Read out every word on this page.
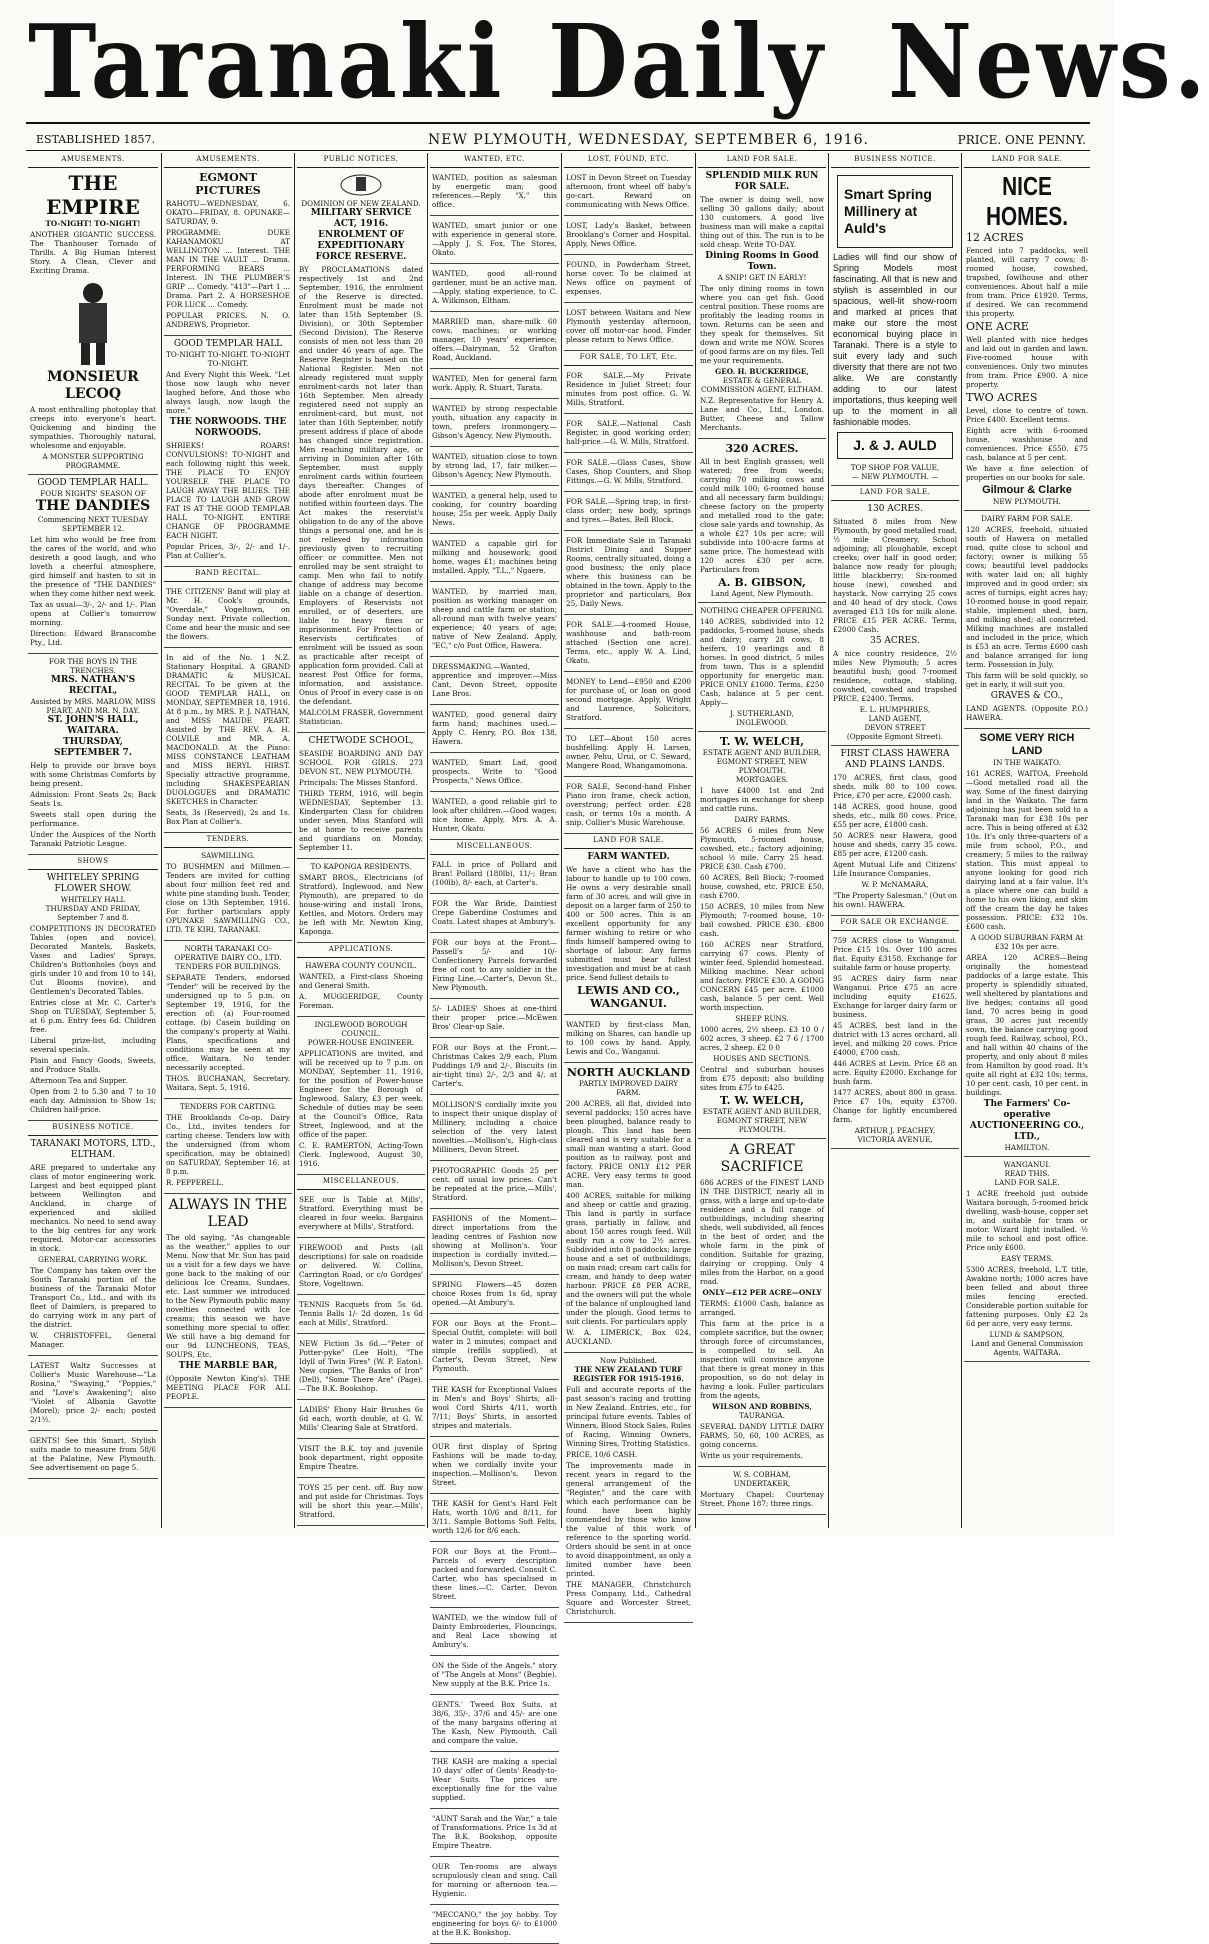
Taranaki Daily News.
ESTABLISHED 1857.	NEW PLYMOUTH, WEDNESDAY, SEPTEMBER 6, 1916.	PRICE. ONE PENNY.
AMUSEMENTS.
THE EMPIRE
TO-NIGHT! TO-NIGHT!

ANOTHER GIGANTIC SUCCESS. The Thanhouser Tornado of Thrills. A Big Human Interest Story. A Clean, Clever and Exciting Drama.

MONSIEUR LECOQ

A most enthralling photoplay that creeps into everyone's heart. Quickening and binding the sympathies. Thoroughly natural, wholesome and enjoyable.

A MONSTER SUPPORTING PROGRAMME.
GOOD TEMPLAR HALL.
FOUR NIGHTS' SEASON OF
THE DANDIES
Commencing NEXT TUESDAY SEPTEMBER 12.

Let him who would be free from the cares of the world, and who desireth a good laugh, and who loveth a cheerful atmosphere, gird himself and hasten to sit in the presence of "THE DANDIES" when they come hither next week.

Tax as usual—3/-, 2/- and 1/-. Plan opens at Collier's tomorrow morning.

Direction: Edward Branscombe Pty., Ltd.

FOR THE BOYS IN THE TRENCHES.
MRS. NATHAN'S RECITAL,
Assisted by MRS. MARLOW, MISS PEART, AND MR. N. DAY.
ST. JOHN'S HALL, WAITARA.
THURSDAY, SEPTEMBER 7.

Help to provide our brave boys with some Christmas Comforts by being present.

Admission: Front Seats 2s; Back Seats 1s.

Sweets stall open during the performance.

Under the Auspices of the North Taranaki Patriotic League.

SHOWS
WHITELEY SPRING FLOWER SHOW.
WHITELEY HALL
THURSDAY AND FRIDAY, September 7 and 8.

COMPETITIONS IN DECORATED Tables (open and novice), Decorated Mantels, Baskets, Vases and Ladies' Sprays, Children's Buttonholes (boys and girls under 10 and from 10 to 14), Cut Blooms (novice), and Gentlemen's Decorated Tables.

Entries close at Mr. C. Carter's Shop on TUESDAY, September 5, at 6 p.m. Entry fees 6d. Children free.

Liberal prize-list, including several specials.

Plain and Fancy Goods, Sweets, and Produce Stalls.

Afternoon Tea and Supper.

Open from 2 to 5.30 and 7 to 10 each day. Admission to Show 1s; Children half-price.

BUSINESS NOTICE.
TARANAKI MOTORS, LTD., ELTHAM.

ARE prepared to undertake any class of motor engineering work. Largest and best equipped plant between Wellington and Auckland, in charge of experienced and skilled mechanics. No need to send away to the big centres for any work required. Motor-car accessories in stock.

GENERAL CARRYING WORK.

The Company has taken over the South Taranaki portion of the business of the Taranaki Motor Transport Co., Ltd., and with its fleet of Daimlers, is prepared to do carrying work in any part of the district.

W. CHRISTOFFEL, General Manager.

LATEST Waltz Successes at Collier's Music Warehouse—"La Rosina," "Swaying," "Poppies," and "Love's Awakening"; also "Violet of Albania Gavotte (Morel); price 2/- each; posted 2/1½.

GENTS! See this Smart, Stylish suits made to measure from 58/6 at the Palatine, New Plymouth. See advertisement on page 5.

AMUSEMENTS.
EGMONT PICTURES

RAHOTU—WEDNESDAY, 6. OKATO—FRIDAY, 8. OPUNAKE—SATURDAY, 9.

PROGRAMME: DUKE KAHANAMOKU AT WELLINGTON ... Interest. THE MAN IN THE VAULT ... Drama. PERFORMING BEARS ... Interest. IN THE PLUMBER'S GRIP ... Comedy. "413"—Part 1 ... Drama. Part 2. A HORSESHOE FOR LUCK ... Comedy.

POPULAR PRICES. N. O. ANDREWS, Proprietor.

GOOD TEMPLAR HALL
TO-NIGHT TO-NIGHT. TO-NIGHT TO-NIGHT.

And Every Night this Week. "Let those now laugh who never laughed before, And those who always laugh, now laugh the more."

THE NORWOODS. THE NORWOODS.

SHRIEKS! ROARS! CONVULSIONS! TO-NIGHT and each following night this week. THE PLACE TO ENJOY YOURSELF. THE PLACE TO LAUGH AWAY THE BLUES. THE PLACE TO LAUGH AND GROW FAT IS AT THE GOOD TEMPLAR HALL TO-NIGHT. ENTIRE CHANGE OF PROGRAMME EACH NIGHT.

Popular Prices, 3/-, 2/- and 1/-. Plan at Collier's.

BAND RECITAL.

THE CITIZENS' Band will play at Mr. H. Cook's grounds, "Overdale," Vogeltown, on Sunday next. Private collection. Come and hear the music and see the flowers.

In aid of the No. 1 N.Z. Stationary Hospital. A GRAND DRAMATIC & MUSICAL RECITAL To be given at the GOOD TEMPLAR HALL, on MONDAY, SEPTEMBER 18, 1916. At 8 p.m., by MRS. P. J. NATHAN, and MISS MAUDE PEART. Assisted by THE REV. A. H. COLVILE and MR. A. MACDONALD. At the Piano: MISS CONSTANCE LEATHAM and MISS BERYL HIRST. Specially attractive programme, including SHAKESPEARIAN DUOLOGUES and DRAMATIC SKETCHES in Character.

Seats, 3s (Reserved), 2s and 1s. Box Plan at Collier's.

TENDERS.
SAWMILLING.

TO BUSHMEN and Millmen.—Tenders are invited for cutting about four million feet red and white pine standing bush. Tender, close on 13th September, 1916. For further particulars apply OPUNAKE SAWMILLING CO., LTD. TE KIRI, TARANAKI.

NORTH TARANAKI CO-OPERATIVE DAIRY CO., LTD.
TENDERS FOR BUILDINGS.

SEPARATE Tenders, endorsed "Tender" will be received by the undersigned up to 5 p.m. on September 19, 1916, for the erection of: (a) Four-roomed cottage. (b) Casein building on the company's property at Waihi. Plans, specifications and conditions may be seen at my office, Waitara. No tender necessarily accepted.

THOS. BUCHANAN, Secretary. Waitara, Sept. 5, 1916.

TENDERS FOR CARTING.

THE Brooklands Co-op. Dairy Co., Ltd., invites tenders for carting cheese. Tenders low with the undersigned (from whom specification, may be obtained) on SATURDAY, September 16, at 8 p.m.

R. PEPPERELL.

ALWAYS IN THE LEAD

The old saying, "As changeable as the weather," applies to our Menu. Now that Mr. Sun has paid us a visit for a few days we have gone back to the making of our delicious Ice Creams, Sundaes, etc. Last summer we introduced to the New Plymouth public many novelties connected with Ice creams; this season we have something more special to offer. We still have a big demand for our 9d LUNCHEONS, TEAS, SOUPS, Etc.

THE MARBLE BAR,

(Opposite Newton King's). THE MEETING PLACE FOR ALL PEOPLE.

PUBLIC NOTICES.
DOMINION OF NEW ZEALAND.
MILITARY SERVICE ACT, 1916.
ENROLMENT OF EXPEDITIONARY FORCE RESERVE.

BY PROCLAMATIONS dated respectively 1st and 2nd September, 1916, the enrolment of the Reserve is directed. Enrolment must be made not later than 15th September (S. Division), or 30th September (Second Division). The Reserve consists of men not less than 20 and under 46 years of age. The Reserve Register is based on the National Register. Men not already registered must supply enrolment-cards not later than 16th September. Men already registered need not supply an enrolment-card, but must, not later than 16th September, notify present address if place of abode has changed since registration. Men reaching military age, or arriving in Dominion after 16th September, must supply enrolment cards within fourteen days thereafter. Changes of abode after enrolment must be notified within fourteen days. The Act makes the reservist's obligation to do any of the above things a personal one, and he is not relieved by information previously given to recruiting officer or committee. Men not enrolled may be sent straight to camp. Men who fail to notify change of address may become liable on a change of desertion. Employers of Reservists not enrolled, or of deserters, are liable to heavy fines or imprisonment. For Protection of Reservists certificates of enrolment will be issued as soon as practicable after receipt of application form provided. Call at nearest Post Office for forms, information, and assistance. Onus of Proof in every case is on the defendant.

MALCOLM FRASER, Government Statistician.

CHETWODE SCHOOL,

SEASIDE BOARDING AND DAY SCHOOL FOR GIRLS. 273 DEVON ST., NEW PLYMOUTH.

Principals: The Misses Stanford.

THIRD TERM, 1916, will begin WEDNESDAY, September 13. Kindergarten Class for children under seven. Miss Stanford will be at home to receive parents and guardians on Monday, September 11.

TO KAPONGA RESIDENTS.

SMART BROS., Electricians (of Stratford), Inglewood, and New Plymouth), are prepared to do house-wiring and install Irons, Kettles, and Motors. Orders may be left with Mr. Newton King, Kaponga.

APPLICATIONS.
HAWERA COUNTY COUNCIL.

WANTED, a First-class Shoeing and General Smith.

A. MUGGERIDGE, County Foreman.

INGLEWOOD BOROUGH COUNCIL.
POWER-HOUSE ENGINEER.

APPLICATIONS are invited, and will be received up to 7 p.m. on MONDAY, September 11, 1916, for the position of Power-house Engineer for the Borough of Inglewood. Salary, £3 per week. Schedule of duties may be seen at the Council's Office, Rata Street, Inglewood, and at the office of the paper.

C. E. RAMERTON, Acting-Town Clerk. Inglewood, August 30, 1916.

MISCELLANEOUS.

SEE our Is Table at Mills', Stratford. Everything must be cleared in four weeks. Bargains everywhere at Mills', Stratford.

FIREWOOD and Posts (all descriptions) for sale on roadside or delivered. W. Collins, Carrington Road, or c/o Gordges' Store, Vogeltown.

TENNIS Racquets from 5s 6d. Tennis Balls 1/- 2d dozen, 1s 6d each at Mills', Stratford.

NEW Fiction 3s 6d.—"Peter of Potter-pyke" (Lee Holt), "The Idyll of Twin Fires" (W. P. Eaton). New copies, "The Banks of Iron" (Dell), "Some There Are" (Page).—The B.K. Bookshop.

LADIES' Ebony Hair Brushes 6s 6d each, worth double, at G. W. Mills' Clearing Sale at Stratford.

VISIT the B.K. toy and juvenile book department, right opposite Empire Theatre.

TOYS 25 per cent. off. Buy now and put aside for Christmas. Toys will be short this year.—Mills', Stratford.

WANTED, ETC.

WANTED, position as salesman by energetic man; good references.—Reply "X," this office.

WANTED, smart junior or one with experience in general store.—Apply J. S. Fox, The Stores, Okato.

WANTED, good all-round gardener, must be an active man.—Apply, stating experience, to C. A. Wilkinson, Eltham.

MARRIED man, share-milk 60 cows, machines; or working manager, 10 years' experience; offers.—Dairyman, 52 Grafton Road, Auckland.

WANTED, Men for general farm work. Apply, R. Stuart, Tarata.

WANTED by strong respectable youth, situation any capacity in town, prefers ironmongery.—Gibson's Agency, New Plymouth.

WANTED, situation close to town by strong lad, 17, fair milker.—Gibson's Agency, New Plymouth.

WANTED, a general help, used to cooking, for country boarding house; 25s per week. Apply Daily News.

WANTED a capable girl for milking and housework; good home, wages £1; machines being installed. Apply, "T.L.," Ngaere.

WANTED, by married man, position as working manager on sheep and cattle farm or station; all-round man with twelve years' experience; 40 years of age; native of New Zealand. Apply, "EC," c/o Post Office, Hawera.

DRESSMAKING.—Wanted, apprentice and improver.—Miss Cant, Devon Street, opposite Lane Bros.

WANTED, good general dairy farm hand; machines used.—Apply C. Henry, P.O. Box 138, Hawera.

WANTED, Smart Lad, good prospects. Write to "Good Prospects," News Office.

WANTED, a good reliable girl to look after children.—Good wages; nice home. Apply, Mrs. A. A. Hunter, Okato.

MISCELLANEOUS.

FALL in price of Pollard and Bran! Pollard (180lb), 11/-; Bran (100lb), 8/- each, at Carter's.

FOR the War Bride, Daintiest Crepe Gaberdine Costumes and Coats. Latest shapes at Ambury's.

FOR our boys at the Front—Passell's 5/- and 10/- Confectionery Parcels forwarded free of cost to any soldier in the Firing Line.—Carter's, Devon St., New Plymouth.

5/- LADIES' Shoes at one-third their proper price.—McEwen Bros' Clear-up Sale.

FOR our Boys at the Front.—Christmas Cakes 2/9 each, Plum Puddings 1/9 and 2/-, Biscuits (in air-tight tins) 2/-, 2/3 and 4/, at Carter's.

MOLLISON'S cordially invite you to inspect their unique display of Millinery, including a choice selection of the very latest novelties.—Mollison's, High-class Milliners, Devon Street.

PHOTOGRAPHIC Goods 25 per cent. off usual low prices. Can't be repeated at the price.—Mills', Stratford.

FASHIONS of the Moment—direct importations from the leading centres of Fashion now showing at Mollison's. Your inspection is cordially invited.—Mollison's, Devon Street.

SPRING Flowers—45 dozen choice Roses from 1s 6d, spray opened.—At Ambury's.

FOR our Boys at the Front—Special Outfit, complete: will boil water in 2 minutes; compact and simple (refills supplied), at Carter's, Devon Street, New Plymouth.

THE KASH for Exceptional Values in Men's and Boys' Shirts; all-wool Cord Shirts 4/11, worth 7/11; Boys' Shirts, in assorted stripes and materials.

OUR first display of Spring Fashions will be made to-day, when we cordially invite your inspection.—Mollison's, Devon Street.

THE KASH for Gent's Hard Felt Hats, worth 10/6 and 8/11, for 3/11. Sample Bottoms Soft Felts, worth 12/6 for 8/6 each.

FOR our Boys at the Front—Parcels of every description packed and forwarded. Consult C. Carter, who has specialised in these lines.—C. Carter, Devon Street.

WANTED, we the window full of Dainty Embroideries, Flouncings, and Real Lace showing at Ambury's.

ON the Side of the Angels." story of "The Angels at Mons" (Begbie). New supply at the B.K. Price 1s.

GENTS.' Tweed Box Suits, at 38/6, 35/-, 37/6 and 45/- are one of the many bargains offering at The Kash, New Plymouth. Call and compare the value.

THE KASH are making a special 10 days' offer of Gents' Ready-to-Wear Suits. The prices are exceptionally fine for the value supplied.

"AUNT Sarah and the War," a tale of Transformations. Price 1s 3d at The B.K. Bookshop, opposite Empire Theatre.

OUR Ten-rooms are always scrupulously clean and snug. Call for morning or afternoon tea.—Hygienic.

"MECCANO," the joy hobby. Toy engineering for boys 6/- to £1000 at the B.K. Bookshop.

LOST, FOUND, ETC.

LOST in Devon Street on Tuesday afternoon, front wheel off baby's go-cart. Reward on communicating with News Office.

LOST, Lady's Basket, between Brooklang's Corner and Hospital. Apply, News Office.

FOUND, in Powderham Street, horse cover. To be claimed at News office on payment of expenses.

LOST between Waitara and New Plymouth yesterday afternoon, cover off motor-car hood. Finder please return to News Office.

FOR SALE, TO LET, Etc.

FOR SALE.—My Private Residence in Juliet Street; four minutes from post office. G. W. Mills, Stratford.

FOR SALE.—National Cash Register, in good working order; half-price.—G. W. Mills, Stratford.

FOR SALE.—Glass Cases, Show Cases, Shop Counters, and Shop Fittings.—G. W. Mills, Stratford.

FOR SALE.—Spring trap, in first-class order; new body, springs and tyres.—Bates, Bell Block.

FOR Immediate Sale in Taranaki District Dining and Supper Rooms, centrally situated, doing a good business; the only place where this business can be obtained in the town. Apply to the proprietor and particulars, Box 25, Daily News.

FOR SALE.—4-roomed House, washhouse and bath-room attached (Section one acre). Terms, etc., apply W. A. Lind, Okato.

MONEY to Lend—£950 and £200 for purchase of, or loan on good second mortgage. Apply, Wright and Laurence, Solicitors, Stratford.

TO LET—About 150 acres bushfelling. Apply H. Larsen, owner, Pehu, Urui, or C. Seward, Mangere Road, Whangamomona.

FOR SALE, Second-hand Fisher Piano iron frame, check action, overstrung; perfect order. £28 cash, or terms 10s a month. A snip. Collier's Music Warehouse.

LAND FOR SALE.
FARM WANTED.

We have a client who has the labour to handle up to 100 cows. He owns a very desirable small farm of 30 acres, and will give in deposit on a larger farm of 250 to 400 or 500 acres. This is an excellent opportunity for any farmer wishing to retire or who finds himself hampered owing to shortage of labour. Any farms submitted must bear fullest investigation and must be at cash price. Send fullest details to

LEWIS AND CO., WANGANUI.

WANTED by first-class Man, milking on Shares, can handle up to 100 cows by hand. Apply, Lewis and Co., Wanganui.

NORTH AUCKLAND
PARTLY IMPROVED DAIRY FARM.

200 ACRES, all flat, divided into several paddocks; 150 acres have been ploughed, balance ready to plough. This land has been cleared and is very suitable for a small man wanting a start. Good position as to railway, post and factory. PRICE ONLY £12 PER ACRE. Very easy terms to good man.

400 ACRES, suitable for milking and sheep or cattle and grazing. This land is partly in surface grass, partially in fallow, and about 150 acres rough feed. Will easily run a cow to 2½ acres. Subdivided into 8 paddocks; large house and a set of outbuildings; on main road; cream cart calls for cream, and handy to deep water harbour. PRICE £8 PER ACRE, and the owners will put the whole of the balance of unploughed land under the plough. Good terms to suit clients. For particulars apply

W. A. LIMERICK, Box 624, AUCKLAND.

Now Published.
THE NEW ZEALAND TURF REGISTER FOR 1915-1916.

Full and accurate reports of the past season's racing and trotting in New Zealand. Entries, etc., for principal future events. Tables of Winners, Blood Stock Sales, Rules of Racing, Winning Owners, Winning Sires, Trotting Statistics.

PRICE, 10/6 CASH.

The improvements made in recent years in regard to the general arrangement of the "Register," and the care with which each performance can be found have been highly commended by those who know the value of this work of reference to the sporting world. Orders should be sent in at once to avoid disappointment, as only a limited number have been printed.

THE MANAGER, Christchurch Press Company, Ltd., Cathedral Square and Worcester Street, Christchurch.

LAND FOR SALE.
SPLENDID MILK RUN FOR SALE.

The owner is doing well, now selling 30 gallons daily; about 130 customers. A good live business man will make a capital thing out of this. The run is to be sold cheap. Write TO-DAY.

Dining Rooms in Good Town.
A SNIP! GET IN EARLY!

The only dining rooms in town where you can get fish. Good central position. These rooms are profitably the leading rooms in town. Returns can be seen and they speak for themselves. Sit down and write me NOW. Scores of good farms are on my files. Tell me your requirements.

GEO. H. BUCKERIDGE,
ESTATE & GENERAL COMMISSION AGENT, ELTHAM.

N.Z. Representative for Henry A. Lane and Co., Ltd., London. Butter, Cheese and Tallow Merchants.

320 ACRES.

All in best English grasses; well watered; free from weeds; carrying 70 milking cows and could milk 100; 6-roomed house and all necessary farm buildings; cheese factory on the property and metalled road to the gate; close sale yards and township. As a whole £27 10s per acre; will subdivide into 100-acre farms at same price. The homestead with 120 acres £30 per acre. Particulars from

A. B. GIBSON,
Land Agent, New Plymouth.
NOTHING CHEAPER OFFERING.

140 ACRES, subdivided into 12 paddocks, 5-roomed house, sheds and dairy; carry 28 cows, 8 heifers, 10 yearlings and 8 horses. In good district, 5 miles from town. This is a splendid opportunity for energetic man. PRICE ONLY £1600. Terms, £250 Cash, balance at 5 per cent. Apply—

J. SUTHERLAND,
INGLEWOOD.
T. W. WELCH,
ESTATE AGENT AND BUILDER, EGMONT STREET, NEW PLYMOUTH.
MORTGAGES.

I have £4000 1st and 2nd mortgages in exchange for sheep and cattle runs.

DAIRY FARMS.

56 ACRES 6 miles from New Plymouth, 5-roomed house, cowshed, etc.; factory adjoining; school ½ mile. Carry 25 head. PRICE £30. Cash £700.

60 ACRES, Bell Block; 7-roomed house, cowshed, etc. PRICE £50, cash £700.

150 ACRES, 10 miles from New Plymouth; 7-roomed house, 10-bail cowshed. PRICE £30. £800 cash.

160 ACRES near Stratford, carrying 67 cows. Plenty of winter feed. Splendid homestead. Milking machine. Near school and factory. PRICE £30. A GOING CONCERN £45 per acre. £1000 cash, balance 5 per cent. Well worth inspection.

SHEEP RUNS.

1000 acres, 2½ sheep. £3 10 0 / 602 acres, 3 sheep. £2 7 6 / 1700 acres, 2 sheep. £2 0 0

HOUSES AND SECTIONS.

Central and suburban houses from £75 deposit; also building sites from £75 to £425.

T. W. WELCH,
ESTATE AGENT AND BUILDER, EGMONT STREET, NEW PLYMOUTH.
A GREAT SACRIFICE

686 ACRES of the FINEST LAND IN THE DISTRICT, nearly all in grass, with a large and up-to-date residence and a full range of outbuildings, including shearing sheds, well subdivided, all fences in the best of order, and the whole farm in the pink of condition. Suitable for grazing, dairying or cropping. Only 4 miles from the Harbor, on a good road.

ONLY—£12 PER ACRE—ONLY

TERMS: £1000 Cash, balance as arranged.

This farm at the price is a complete sacrifice, but the owner, through force of circumstances, is compelled to sell. An inspection will convince anyone that there is great money in this proposition, so do not delay in having a look. Fuller particulars from the agents,

WILSON AND ROBBINS,
TAURANGA.

SEVERAL DANDY LITTLE DAIRY FARMS, 50, 60, 100 ACRES, as going concerns.

Write us your requirements,

W. S. COBHAM,
UNDERTAKER,

Mortuary Chapel: Courtenay Street. Phone 187; three rings.

BUSINESS NOTICE.
Smart Spring Millinery at Auld's

Ladies will find our show of Spring Models most fascinating. All that is new and stylish is assembled in our spacious, well-lit show-room and marked at prices that make our store the most economical buying place in Taranaki. There is a style to suit every lady and such diversity that there are not two alike. We are constantly adding to our latest importations, thus keeping well up to the moment in all fashionable modes.

J. & J. AULD
TOP SHOP FOR VALUE,
— NEW PLYMOUTH. —
LAND FOR SALE.
130 ACRES.

Situated 8 miles from New Plymouth, by good metalled road, ½ mile Creamery, School adjoining; all ploughable, except creeks; over half in good order, balance now ready for plough; little blackberry; Six-roomed house (new), cowshed and haystack. Now carrying 25 cows and 40 head of dry stock. Cows averaged £13 10s for milk alone. PRICE £15 PER ACRE. Terms, £2000 Cash.

35 ACRES.

A nice country residence, 2½ miles New Plymouth; 5 acres beautiful bush; good 7-roomed residence, cottage, stabling, cowshed, cowshed and trapshed PRICE, £2400. Terms.

E. L. HUMPHRIES,
LAND AGENT,
DEVON STREET
(Opposite Egmont Street).
FIRST CLASS HAWERA AND PLAINS LANDS.

170 ACRES, first class, good sheds, milk 80 to 100 cows. Price, £70 per acre, £2000 cash.

148 ACRES, good house, good sheds, etc., milk 80 cows. Price, £55 per acre, £1800 cash.

50 ACRES near Hawera, good house and sheds, carry 35 cows. £85 per acre, £1200 cash.

Agent Mutual Life and Citizens' Life Insurance Companies.

W. P. McNAMARA,

"The Property Salesman." (Out on his own). HAWERA.

FOR SALE OR EXCHANGE.

759 ACRES close to Wanganui. Price £15 10s. Over 100 acres flat. Equity £3158. Exchange for suitable farm or house property.

95 ACRES dairy farm near Wanganui. Price £75 an acre including equity £1625. Exchange for larger dairy farm or business.

45 ACRES, best land in the district with 13 acres orchard, all level, and milking 20 cows. Price £4000, £700 cash.

446 ACRES at Levin. Price £8 an acre. Equity £2000. Exchange for bush farm.

1477 ACRES, about 800 in grass. Price £7 10s, equity £3700. Change for lightly encumbered farm.

ARTHUR J. PEACHEY,
VICTORIA AVENUE,
LAND FOR SALE.
NICE HOMES.
12 ACRES

Fenced into 7 paddocks, well planted, will carry 7 cows; 8-roomed house, cowshed, trapshed, fowlhouse and other conveniences. About half a mile from tram. Price £1920. Terms, if desired. We can recommend this property.

ONE ACRE

Well planted with nice hedges and laid out in garden and lawn. Five-roomed house with conveniences. Only two minutes from tram. Price £900. A nice property.

TWO ACRES

Level, close to centre of town. Price £400. Excellent terms.

Eighth acre with 6-roomed house, washhouse and conveniences. Price £550. £75 cash, balance at 5 per cent.

We have a fine selection of properties on our books for sale.

Gilmour & Clarke
NEW PLYMOUTH.
DAIRY FARM FOR SALE.

120 ACRES, freehold, situated south of Hawera on metalled road, quite close to school and factory; owner is milking 55 cows; beautiful level paddocks with water laid on; all highly improved and in good order; six acres of turnips, eight acres hay; 10-roomed house in good repair, stable, implement shed, barn, and milking shed; all concreted. Milking machines are installed and included in the price, which is £53 an acre. Terms £600 cash and balance arranged for long term. Possession in July.

This farm will be sold quickly, so get in early, it will suit you.

GRAVES & CO.,

LAND AGENTS. (Opposite P.O.) HAWERA.

SOME VERY RICH LAND
IN THE WAIKATO.

161 ACRES, WAITOA, Freehold—Good metalled road all the way. Some of the finest dairying land in the Waikato. The farm adjoining has just been sold to a Taranaki man for £38 10s per acre. This is being offered at £32 10s. It's only three-quarters of a mile from school, P.O., and creamery; 5 miles to the railway station. This must appeal to anyone looking for good rich dairying land at a fair value. It's a place where one can build a home to his own liking, and skim off the cream the day he takes possession. PRICE: £32 10s. £600 cash.

A GOOD SUBURBAN FARM At £32 10s per acre.

AREA 120 ACRES—Being originally the homestead paddocks of a large estate. This property is splendidly situated, well sheltered by plantations and live hedges; contains all good land, 70 acres being in good grass, 30 acres just recently sown, the balance carrying good rough feed. Railway, school, P.O., and hall within 40 chains of the property, and only about 8 miles from Hamilton by good road. It's quite all right at £32 10s; terms, 10 per cent. cash, 10 per cent. in buildings.

The Farmers' Co-operative AUCTIONEERING CO., LTD.,
HAMILTON.
WANGANUI.
READ THIS.
LAND FOR SALE.

1 ACRE freehold just outside Waitara borough, 5-roomed brick dwelling, wash-house, copper set in, and suitable for tram or motor. Wizard light installed. ½ mile to school and post office. Price only £600.

EASY TERMS.

5300 ACRES, freehold, L.T. title, Awakino north; 1000 acres have been felled and about three miles fencing erected. Considerable portion suitable for fattening purposes. Only £2 2s 6d per acre, very easy terms.

LUND & SAMPSON,
Land and General Commission Agents, WAITARA.
